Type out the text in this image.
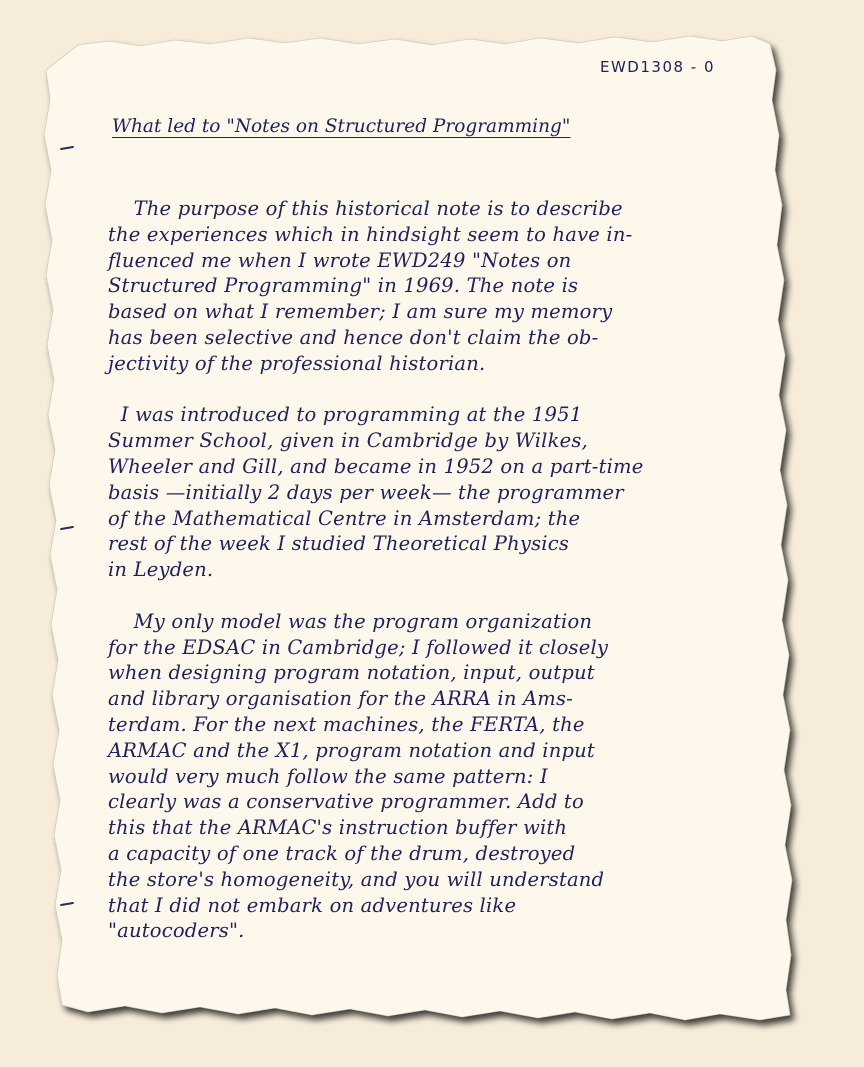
EWD1308 - 0
What led to "Notes on Structured Programming"
The purpose of this historical note is to describe
the experiences which in hindsight seem to have in-
fluenced me when I wrote EWD249 "Notes on
Structured Programming" in 1969. The note is
based on what I remember; I am sure my memory
has been selective and hence don't claim the ob-
jectivity of the professional historian.
I was introduced to programming at the 1951
Summer School, given in Cambridge by Wilkes,
Wheeler and Gill, and became in 1952 on a part-time
basis —initially 2 days per week— the programmer
of the Mathematical Centre in Amsterdam; the
rest of the week I studied Theoretical Physics
in Leyden.
My only model was the program organization
for the EDSAC in Cambridge; I followed it closely
when designing program notation, input, output
and library organisation for the ARRA in Ams-
terdam. For the next machines, the FERTA, the
ARMAC and the X1, program notation and input
would very much follow the same pattern: I
clearly was a conservative programmer. Add to
this that the ARMAC's instruction buffer with
a capacity of one track of the drum, destroyed
the store's homogeneity, and you will understand
that I did not embark on adventures like
"autocoders".
